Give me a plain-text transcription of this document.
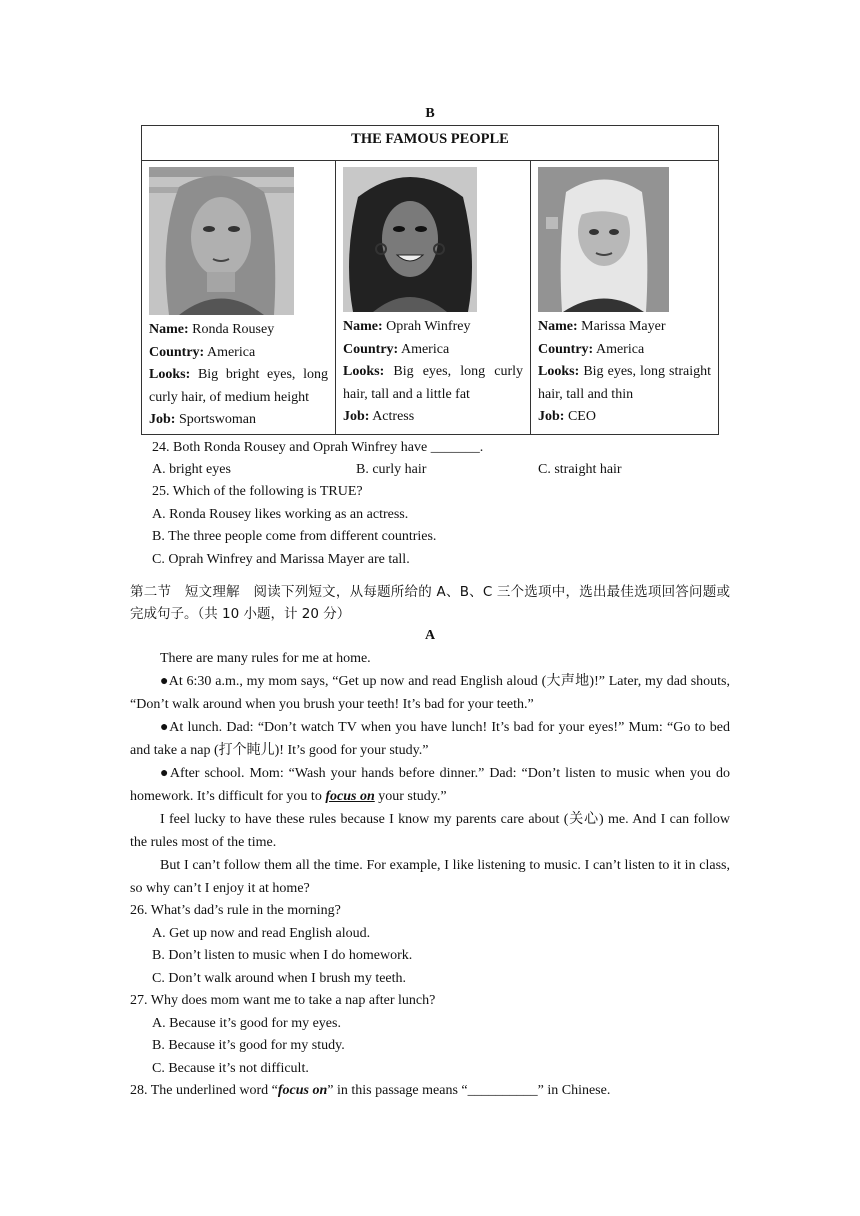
B
THE FAMOUS PEOPLE

Name: Ronda Rousey
Country: America
Looks: Big bright eyes, long curly hair, of medium height
Job: Sportswoman

Name: Oprah Winfrey
Country: America
Looks: Big eyes, long curly hair, tall and a little fat
Job: Actress

Name: Marissa Mayer
Country: America
Looks: Big eyes, long straight hair, tall and thin
Job: CEO
24. Both Ronda Rousey and Oprah Winfrey have _______.
A. bright eyes	B. curly hair	C. straight hair
25. Which of the following is TRUE?
A. Ronda Rousey likes working as an actress.
B. The three people come from different countries.
C. Oprah Winfrey and Marissa Mayer are tall.
第二节　短文理解　阅读下列短文，从每题所给的 A、B、C 三个选项中，选出最佳选项回答问题或完成句子。（共 10 小题，计 20 分）
A
There are many rules for me at home.
●At 6:30 a.m., my mom says, “Get up now and read English aloud (大声地)!” Later, my dad shouts, “Don’t walk around when you brush your teeth! It’s bad for your teeth.”
●At lunch. Dad: “Don’t watch TV when you have lunch! It’s bad for your eyes!” Mum: “Go to bed and take a nap (打个盹儿)! It’s good for your study.”
●After school. Mom: “Wash your hands before dinner.” Dad: “Don’t listen to music when you do homework. It’s difficult for you to focus on your study.”
I feel lucky to have these rules because I know my parents care about (关心) me. And I can follow the rules most of the time.
But I can’t follow them all the time. For example, I like listening to music. I can’t listen to it in class, so why can’t I enjoy it at home?
26. What’s dad’s rule in the morning?
A. Get up now and read English aloud.
B. Don’t listen to music when I do homework.
C. Don’t walk around when I brush my teeth.
27. Why does mom want me to take a nap after lunch?
A. Because it’s good for my eyes.
B. Because it’s good for my study.
C. Because it’s not difficult.
28. The underlined word “focus on” in this passage means “__________” in Chinese.
